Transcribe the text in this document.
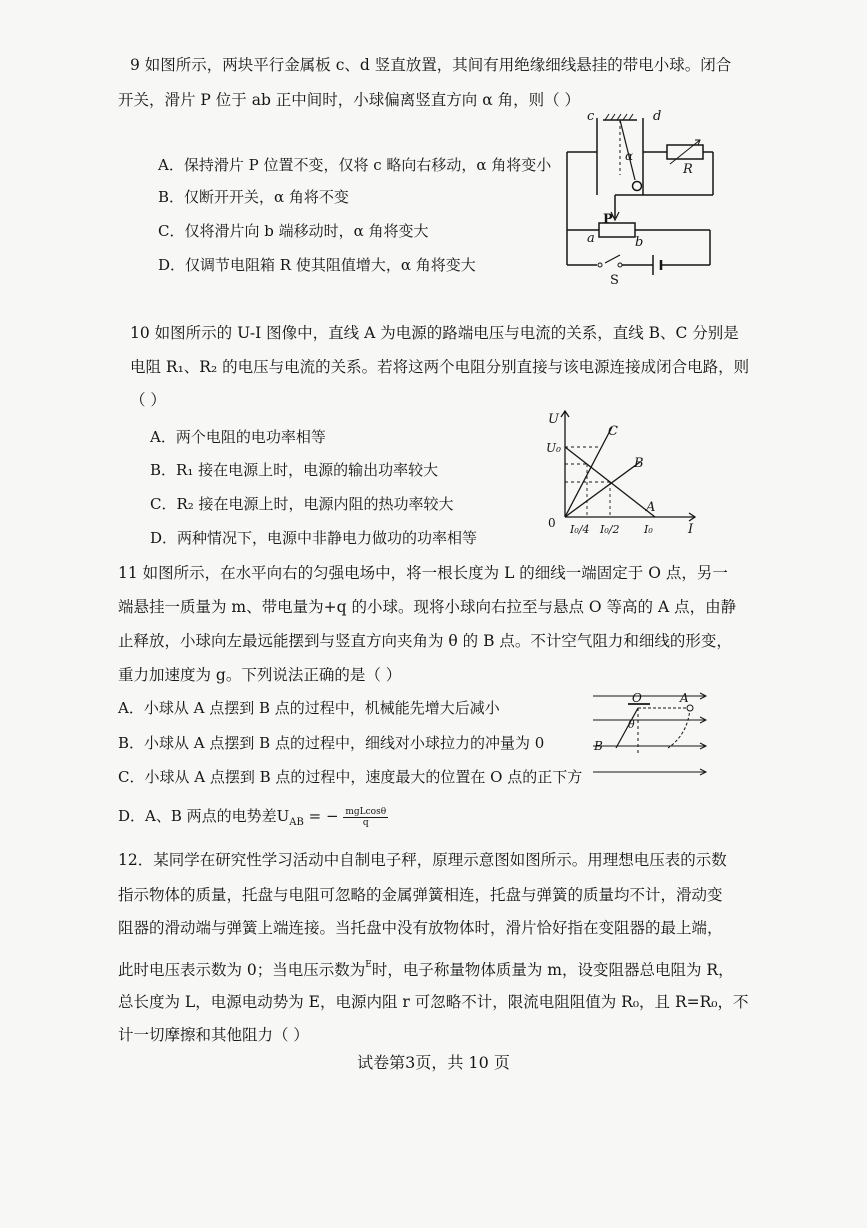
9 如图所示，两块平行金属板 c、d 竖直放置，其间有用绝缘细线悬挂的带电小球。闭合
开关，滑片 P 位于 ab 正中间时，小球偏离竖直方向 α 角，则（ ）
A．保持滑片 P 位置不变，仅将 c 略向右移动，α 角将变小
B．仅断开开关，α 角将不变
C．仅将滑片向 b 端移动时，α 角将变大
D．仅调节电阻箱 R 使其阻值增大，α 角将变大
c	d
α
R
P
a	b
S
10 如图所示的 U-I 图像中，直线 A 为电源的路端电压与电流的关系，直线 B、C 分别是
电阻 R₁、R₂ 的电压与电流的关系。若将这两个电阻分别直接与该电源连接成闭合电路，则
（ ）
A．两个电阻的电功率相等
B．R₁ 接在电源上时，电源的输出功率较大
C．R₂ 接在电源上时，电源内阻的热功率较大
D．两种情况下，电源中非静电力做功的功率相等
U
I
U₀
0 I₀/4 I₀/2 I₀
A
B
C
11 如图所示，在水平向右的匀强电场中，将一根长度为 L 的细线一端固定于 O 点，另一
端悬挂一质量为 m、带电量为+q 的小球。现将小球向右拉至与悬点 O 等高的 A 点，由静
止释放，小球向左最远能摆到与竖直方向夹角为 θ 的 B 点。不计空气阻力和细线的形变，
重力加速度为 g。下列说法正确的是（ ）
A．小球从 A 点摆到 B 点的过程中，机械能先增大后减小
B．小球从 A 点摆到 B 点的过程中，细线对小球拉力的冲量为 0
C．小球从 A 点摆到 B 点的过程中，速度最大的位置在 O 点的正下方
D．A、B 两点的电势差$U_{AB}$ = − $\frac{\text{mgLcosθ}}{q}$
O	A
B
θ
12．某同学在研究性学习活动中自制电子秤，原理示意图如图所示。用理想电压表的示数
指示物体的质量，托盘与电阻可忽略的金属弹簧相连，托盘与弹簧的质量均不计，滑动变
阻器的滑动端与弹簧上端连接。当托盘中没有放物体时，滑片恰好指在变阻器的最上端，
此时电压表示数为 0；当电压示数为$^E$时，电子称量物体质量为 m，设变阻器总电阻为 R，
总长度为 L，电源电动势为 E，电源内阻 r 可忽略不计，限流电阻阻值为 R₀，且 R=R₀，不
计一切摩擦和其他阻力（ ）
试卷第3页，共 10 页
